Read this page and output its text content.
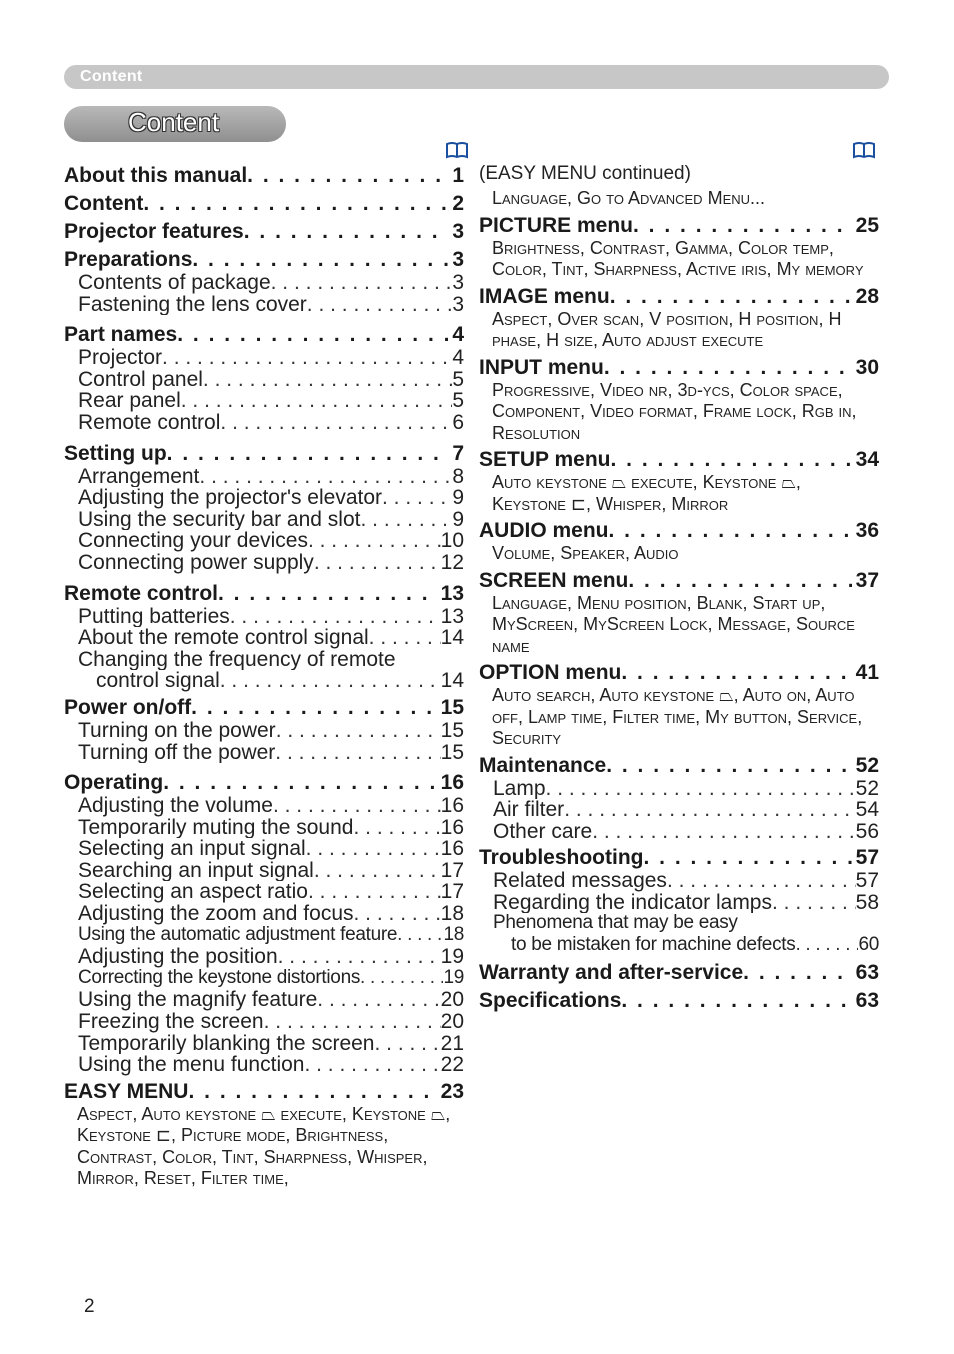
Content
Content
About this manual . . .	1
Content . . .	2
Projector features . . .	3
Preparations . . .	3
Contents of package . . .	3
Fastening the lens cover . . .	3
Part names . . .	4
Projector . . .	4
Control panel . . .	5
Rear panel . . .	5
Remote control . . .	6
Setting up . . .	7
Arrangement . . .	8
Adjusting the projector's elevator . . .	9
Using the security bar and slot . . .	9
Connecting your devices . . .	10
Connecting power supply . . .	12
Remote control . . .	13
Putting batteries . . .	13
About the remote control signal . . .	14
Changing the frequency of remote
control signal . . .	14
Power on/off . . .	15
Turning on the power . . .	15
Turning off the power . . .	15
Operating . . .	16
Adjusting the volume . . .	16
Temporarily muting the sound . . .	16
Selecting an input signal . . .	16
Searching an input signal . . .	17
Selecting an aspect ratio . . .	17
Adjusting the zoom and focus . . .	18
Using the automatic adjustment feature . . . 18
Adjusting the position . . .	19
Correcting the keystone distortions . . .	19
Using the magnify feature . . .	20
Freezing the screen . . .	20
Temporarily blanking the screen . . .	21
Using the menu function . . .	22
EASY MENU . . .	23
Aspect, Auto keystone ⏢ execute, Keystone ⏢, Keystone ⊏, Picture mode, Brightness, Contrast, Color, Tint, Sharpness, Whisper, Mirror, Reset, Filter time,
(EASY MENU continued)
Language, Go to Advanced Menu...
PICTURE menu . . .	25
Brightness, Contrast, Gamma, Color temp, Color, Tint, Sharpness, Active iris, My memory
IMAGE menu . . .	28
Aspect, Over scan, V position, H position, H phase, H size, Auto adjust execute
INPUT menu . . .	30
Progressive, Video nr, 3d-ycs, Color space, Component, Video format, Frame lock, Rgb in, Resolution
SETUP menu . . .	34
Auto keystone ⏢ execute, Keystone ⏢, Keystone ⊏, Whisper, Mirror
AUDIO menu . . .	36
Volume, Speaker, Audio
SCREEN menu . . .	37
Language, Menu position, Blank, Start up, MyScreen, MyScreen Lock, Message, Source name
OPTION menu . . .	41
Auto search, Auto keystone ⏢, Auto on, Auto off, Lamp time, Filter time, My button, Service, Security
Maintenance . . .	52
Lamp . . .	52
Air filter . . .	54
Other care . . .	56
Troubleshooting . . .	57
Related messages . . .	57
Regarding the indicator lamps . . .	58
Phenomena that may be easy
to be mistaken for machine defects . . .	60
Warranty and after-service . . .	63
Specifications . . .	63
2
